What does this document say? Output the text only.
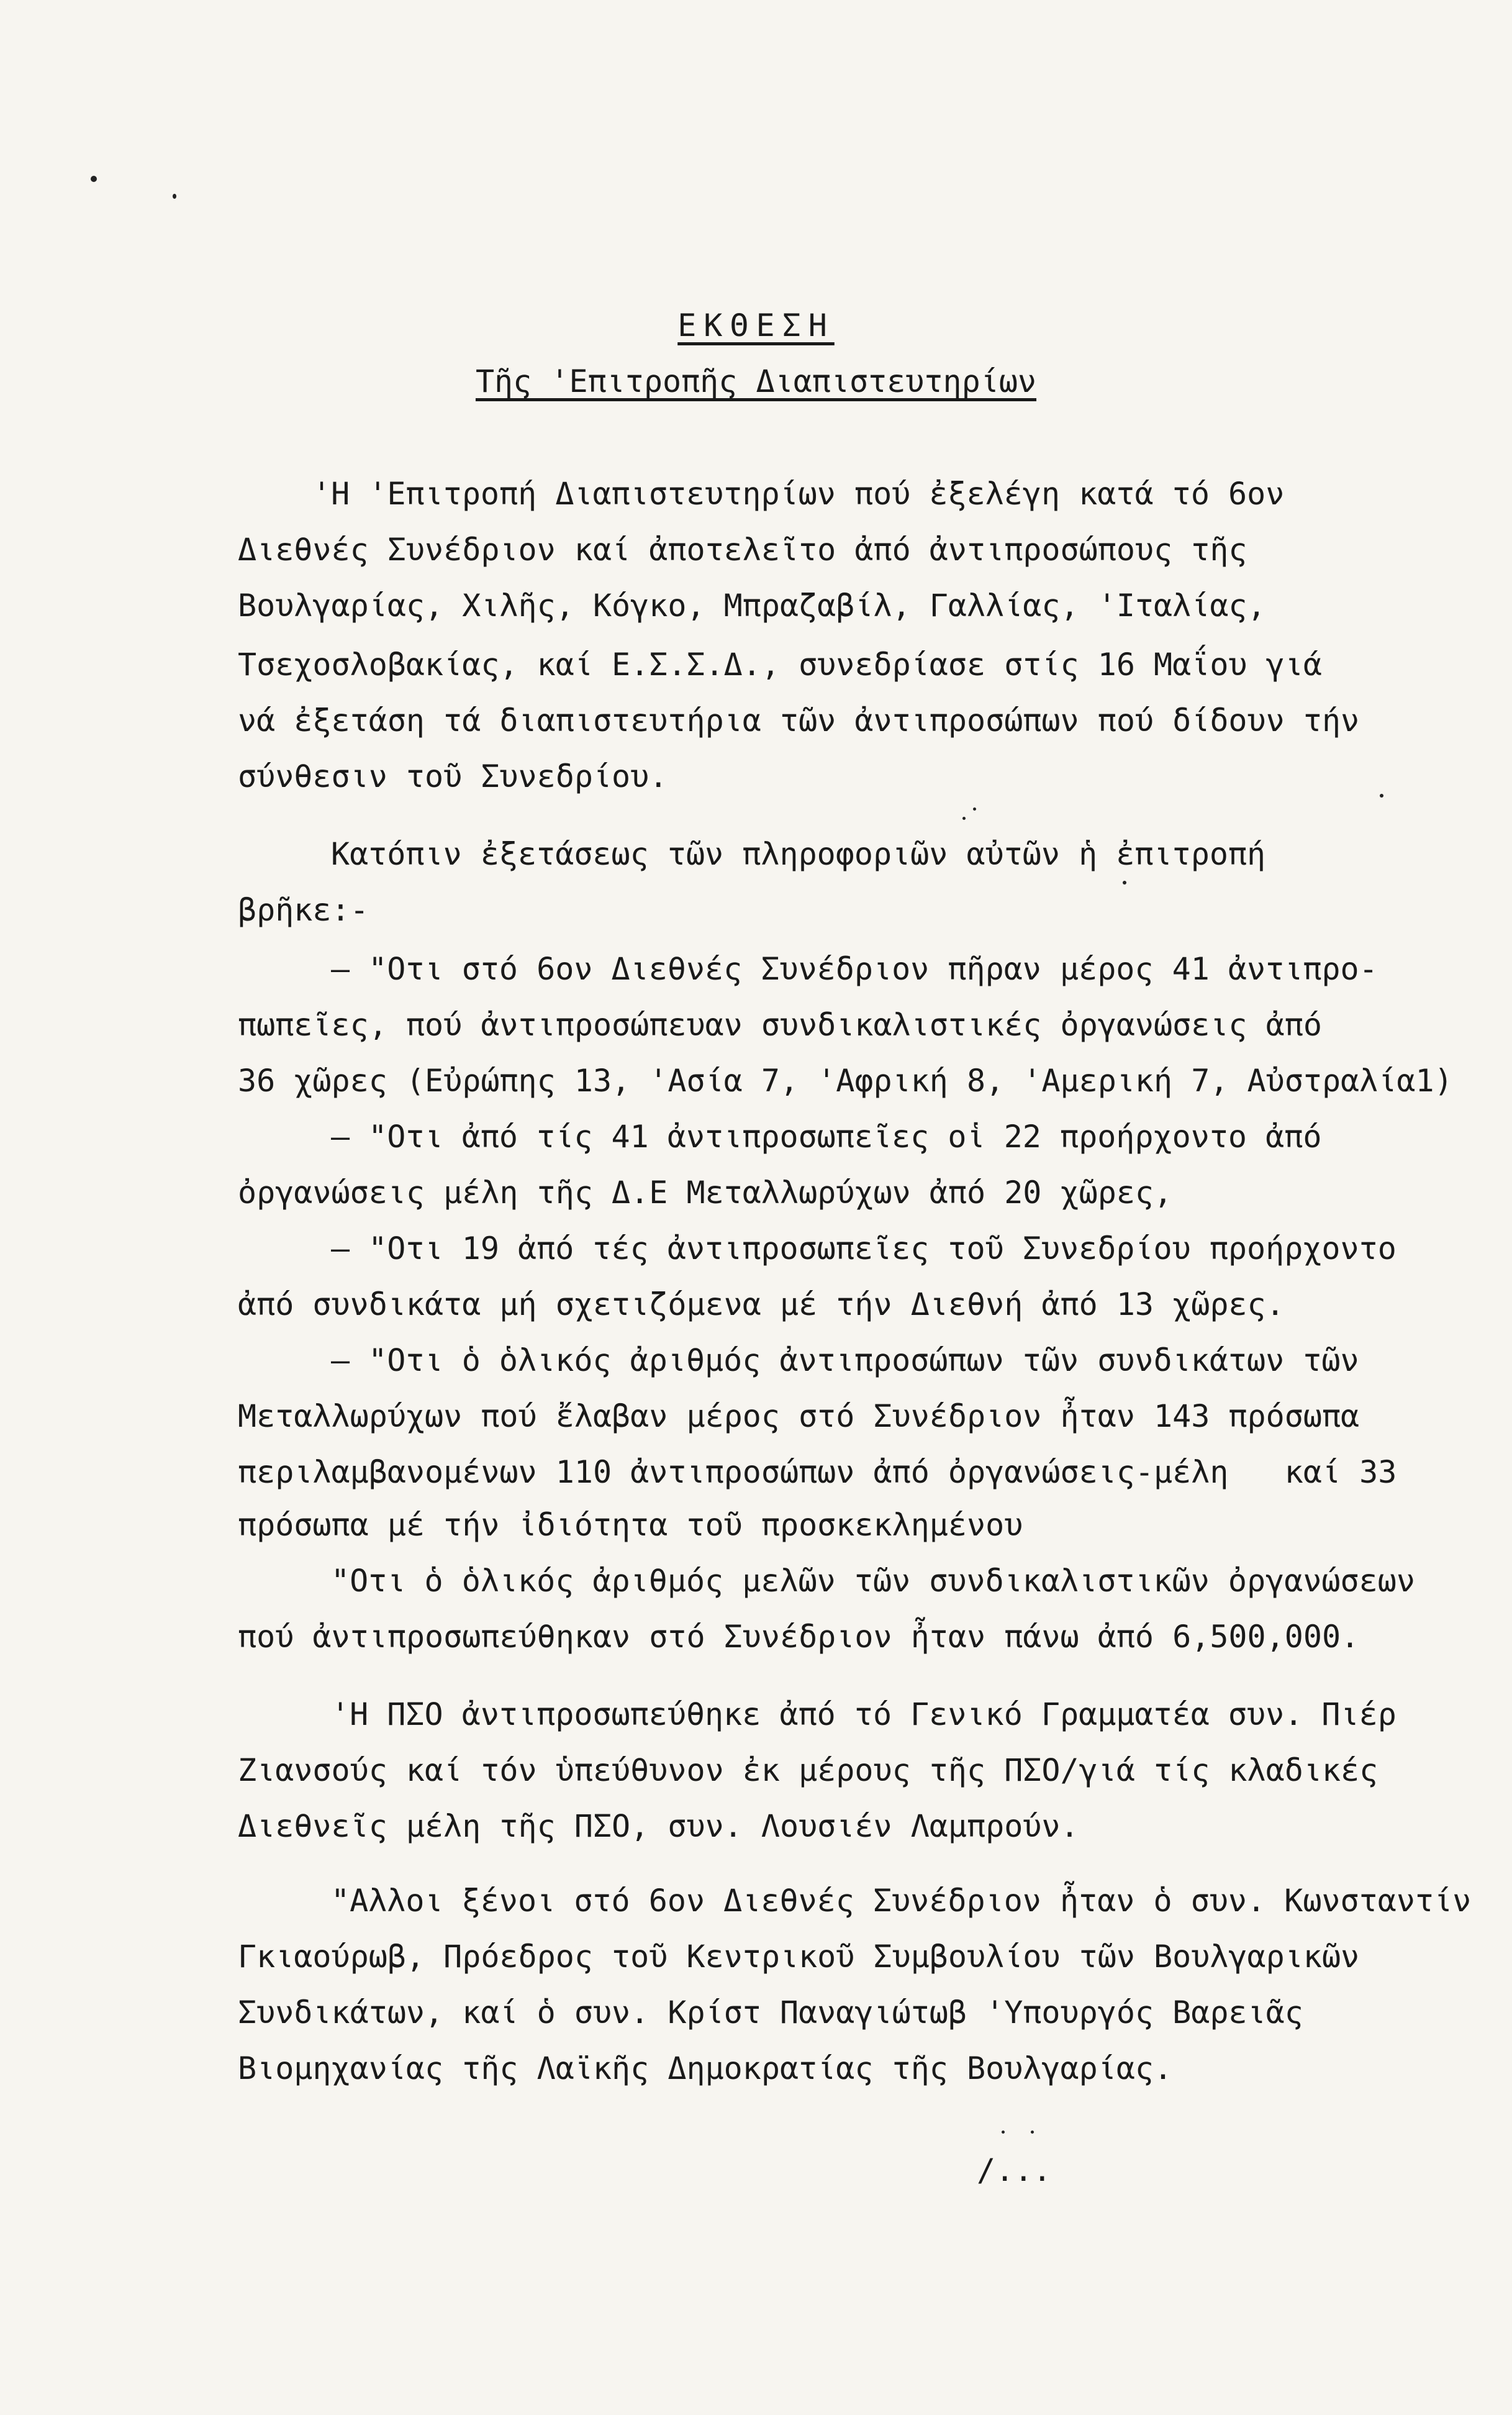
ΕΚΘΕΣΗ
Τῆς 'Επιτροπῆς Διαπιστευτηρίων
'Η 'Επιτροπή Διαπιστευτηρίων πού ἐξελέγη κατά τό 6ον
Διεθνές Συνέδριον καί ἀποτελεῖτο ἀπό ἀντιπροσώπους τῆς
Βουλγαρίας, Χιλῆς, Κόγκο, Μπραζαβίλ, Γαλλίας, 'Ιταλίας,
Τσεχοσλοβακίας, καί Ε.Σ.Σ.Δ., συνεδρίασε στίς 16 Μαΐου γιά
νά ἐξετάση τά διαπιστευτήρια τῶν ἀντιπροσώπων πού δίδουν τήν
σύνθεσιν τοῦ Συνεδρίου.
Κατόπιν ἐξετάσεως τῶν πληροφοριῶν αὐτῶν ἡ ἐπιτροπή
βρῆκε:-
– "Οτι στό 6ον Διεθνές Συνέδριον πῆραν μέρος 41 ἀντιπρο-
πωπεῖες, πού ἀντιπροσώπευαν συνδικαλιστικές ὀργανώσεις ἀπό
36 χῶρες (Εὐρώπης 13, 'Ασία 7, 'Αφρική 8, 'Αμερική 7, Αὐστραλία1)
– "Οτι ἀπό τίς 41 ἀντιπροσωπεῖες οἱ 22 προήρχοντο ἀπό
ὀργανώσεις μέλη τῆς Δ.Ε Μεταλλωρύχων ἀπό 20 χῶρες,
– "Οτι 19 ἀπό τές ἀντιπροσωπεῖες τοῦ Συνεδρίου προήρχοντο
ἀπό συνδικάτα μή σχετιζόμενα μέ τήν Διεθνή ἀπό 13 χῶρες.
– "Οτι ὁ ὁλικός ἀριθμός ἀντιπροσώπων τῶν συνδικάτων τῶν
Μεταλλωρύχων πού ἔλαβαν μέρος στό Συνέδριον ἦταν 143 πρόσωπα
περιλαμβανομένων 110 ἀντιπροσώπων ἀπό ὀργανώσεις-μέλη   καί 33
πρόσωπα μέ τήν ἰδιότητα τοῦ προσκεκλημένου
"Οτι ὁ ὁλικός ἀριθμός μελῶν τῶν συνδικαλιστικῶν ὀργανώσεων
πού ἀντιπροσωπεύθηκαν στό Συνέδριον ἦταν πάνω ἀπό 6,500,000.
'Η ΠΣΟ ἀντιπροσωπεύθηκε ἀπό τό Γενικό Γραμματέα συν. Πιέρ
Ζιανσούς καί τόν ὑπεύθυνον ἐκ μέρους τῆς ΠΣΟ/γιά τίς κλαδικές
Διεθνεῖς μέλη τῆς ΠΣΟ, συν. Λουσιέν Λαμπρούν.
"Αλλοι ξένοι στό 6ον Διεθνές Συνέδριον ἦταν ὁ συν. Κωνσταντίν
Γκιαούρωβ, Πρόεδρος τοῦ Κεντρικοῦ Συμβουλίου τῶν Βουλγαρικῶν
Συνδικάτων, καί ὁ συν. Κρίστ Παναγιώτωβ 'Υπουργός Βαρειᾶς
Βιομηχανίας τῆς Λαϊκῆς Δημοκρατίας τῆς Βουλγαρίας.
/...
